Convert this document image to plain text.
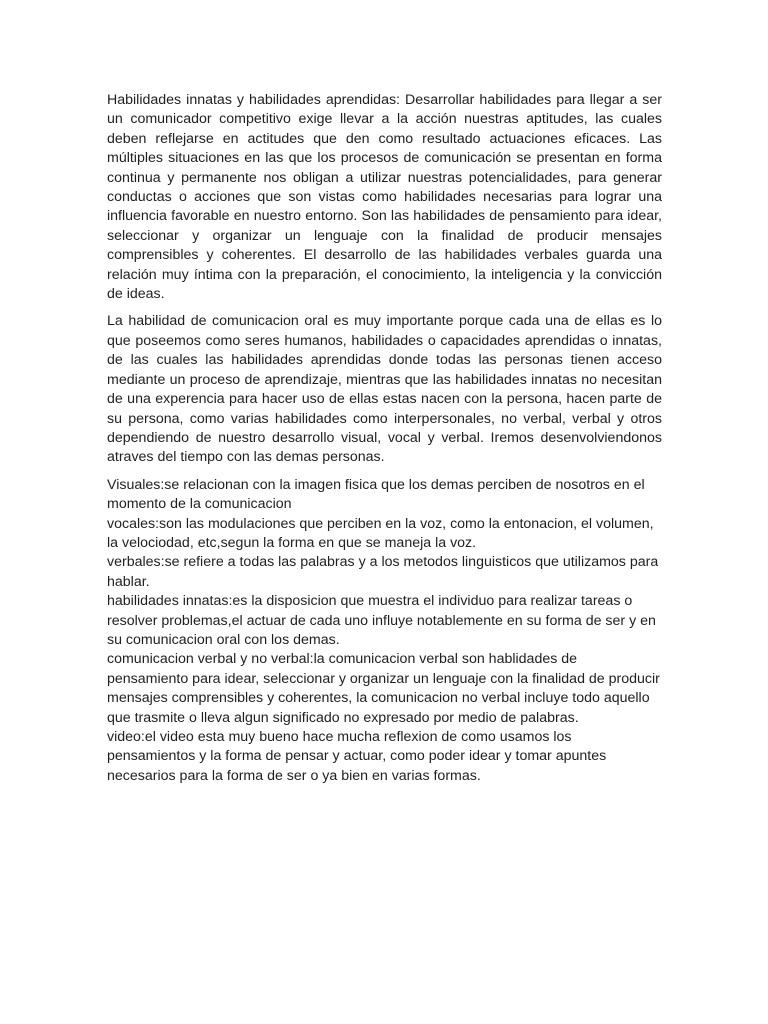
Habilidades innatas y habilidades aprendidas: Desarrollar habilidades para llegar a ser un comunicador competitivo exige llevar a la acción nuestras aptitudes, las cuales deben reflejarse en actitudes que den como resultado actuaciones eficaces. Las múltiples situaciones en las que los procesos de comunicación se presentan en forma continua y permanente nos obligan a utilizar nuestras potencialidades, para generar conductas o acciones que son vistas como habilidades necesarias para lograr una influencia favorable en nuestro entorno. Son las habilidades de pensamiento para idear, seleccionar y organizar un lenguaje con la finalidad de producir mensajes comprensibles y coherentes. El desarrollo de las habilidades verbales guarda una relación muy íntima con la preparación, el conocimiento, la inteligencia y la convicción de ideas.

La habilidad de comunicacion oral es muy importante porque cada una de ellas es lo que poseemos como seres humanos, habilidades o capacidades aprendidas o innatas, de las cuales las habilidades aprendidas donde todas las personas tienen acceso mediante un proceso de aprendizaje, mientras que las habilidades innatas no necesitan de una experencia para hacer uso de ellas estas nacen con la persona, hacen parte de su persona, como varias habilidades como interpersonales, no verbal, verbal y otros dependiendo de nuestro desarrollo visual, vocal y verbal. Iremos desenvolviendonos atraves del tiempo con las demas personas.

Visuales:se relacionan con la imagen fisica que los demas perciben de nosotros en el momento de la comunicacion

vocales:son las modulaciones que perciben en la voz, como la entonacion, el volumen, la velociodad, etc,segun la forma en que se maneja la voz.

verbales:se refiere a todas las palabras y a los metodos linguisticos que utilizamos para hablar.

habilidades innatas:es la disposicion que muestra el individuo para realizar tareas o resolver problemas,el actuar de cada uno influye notablemente en su forma de ser y en su comunicacion oral con los demas.

comunicacion verbal y no verbal:la comunicacion verbal son hablidades de pensamiento para idear, seleccionar y organizar un lenguaje con la finalidad de producir mensajes comprensibles y coherentes, la comunicacion no verbal incluye todo aquello que trasmite o lleva algun significado no expresado por medio de palabras.

video:el video esta muy bueno hace mucha reflexion de como usamos los pensamientos y la forma de pensar y actuar, como poder idear y tomar apuntes necesarios para la forma de ser o ya bien en varias formas.
